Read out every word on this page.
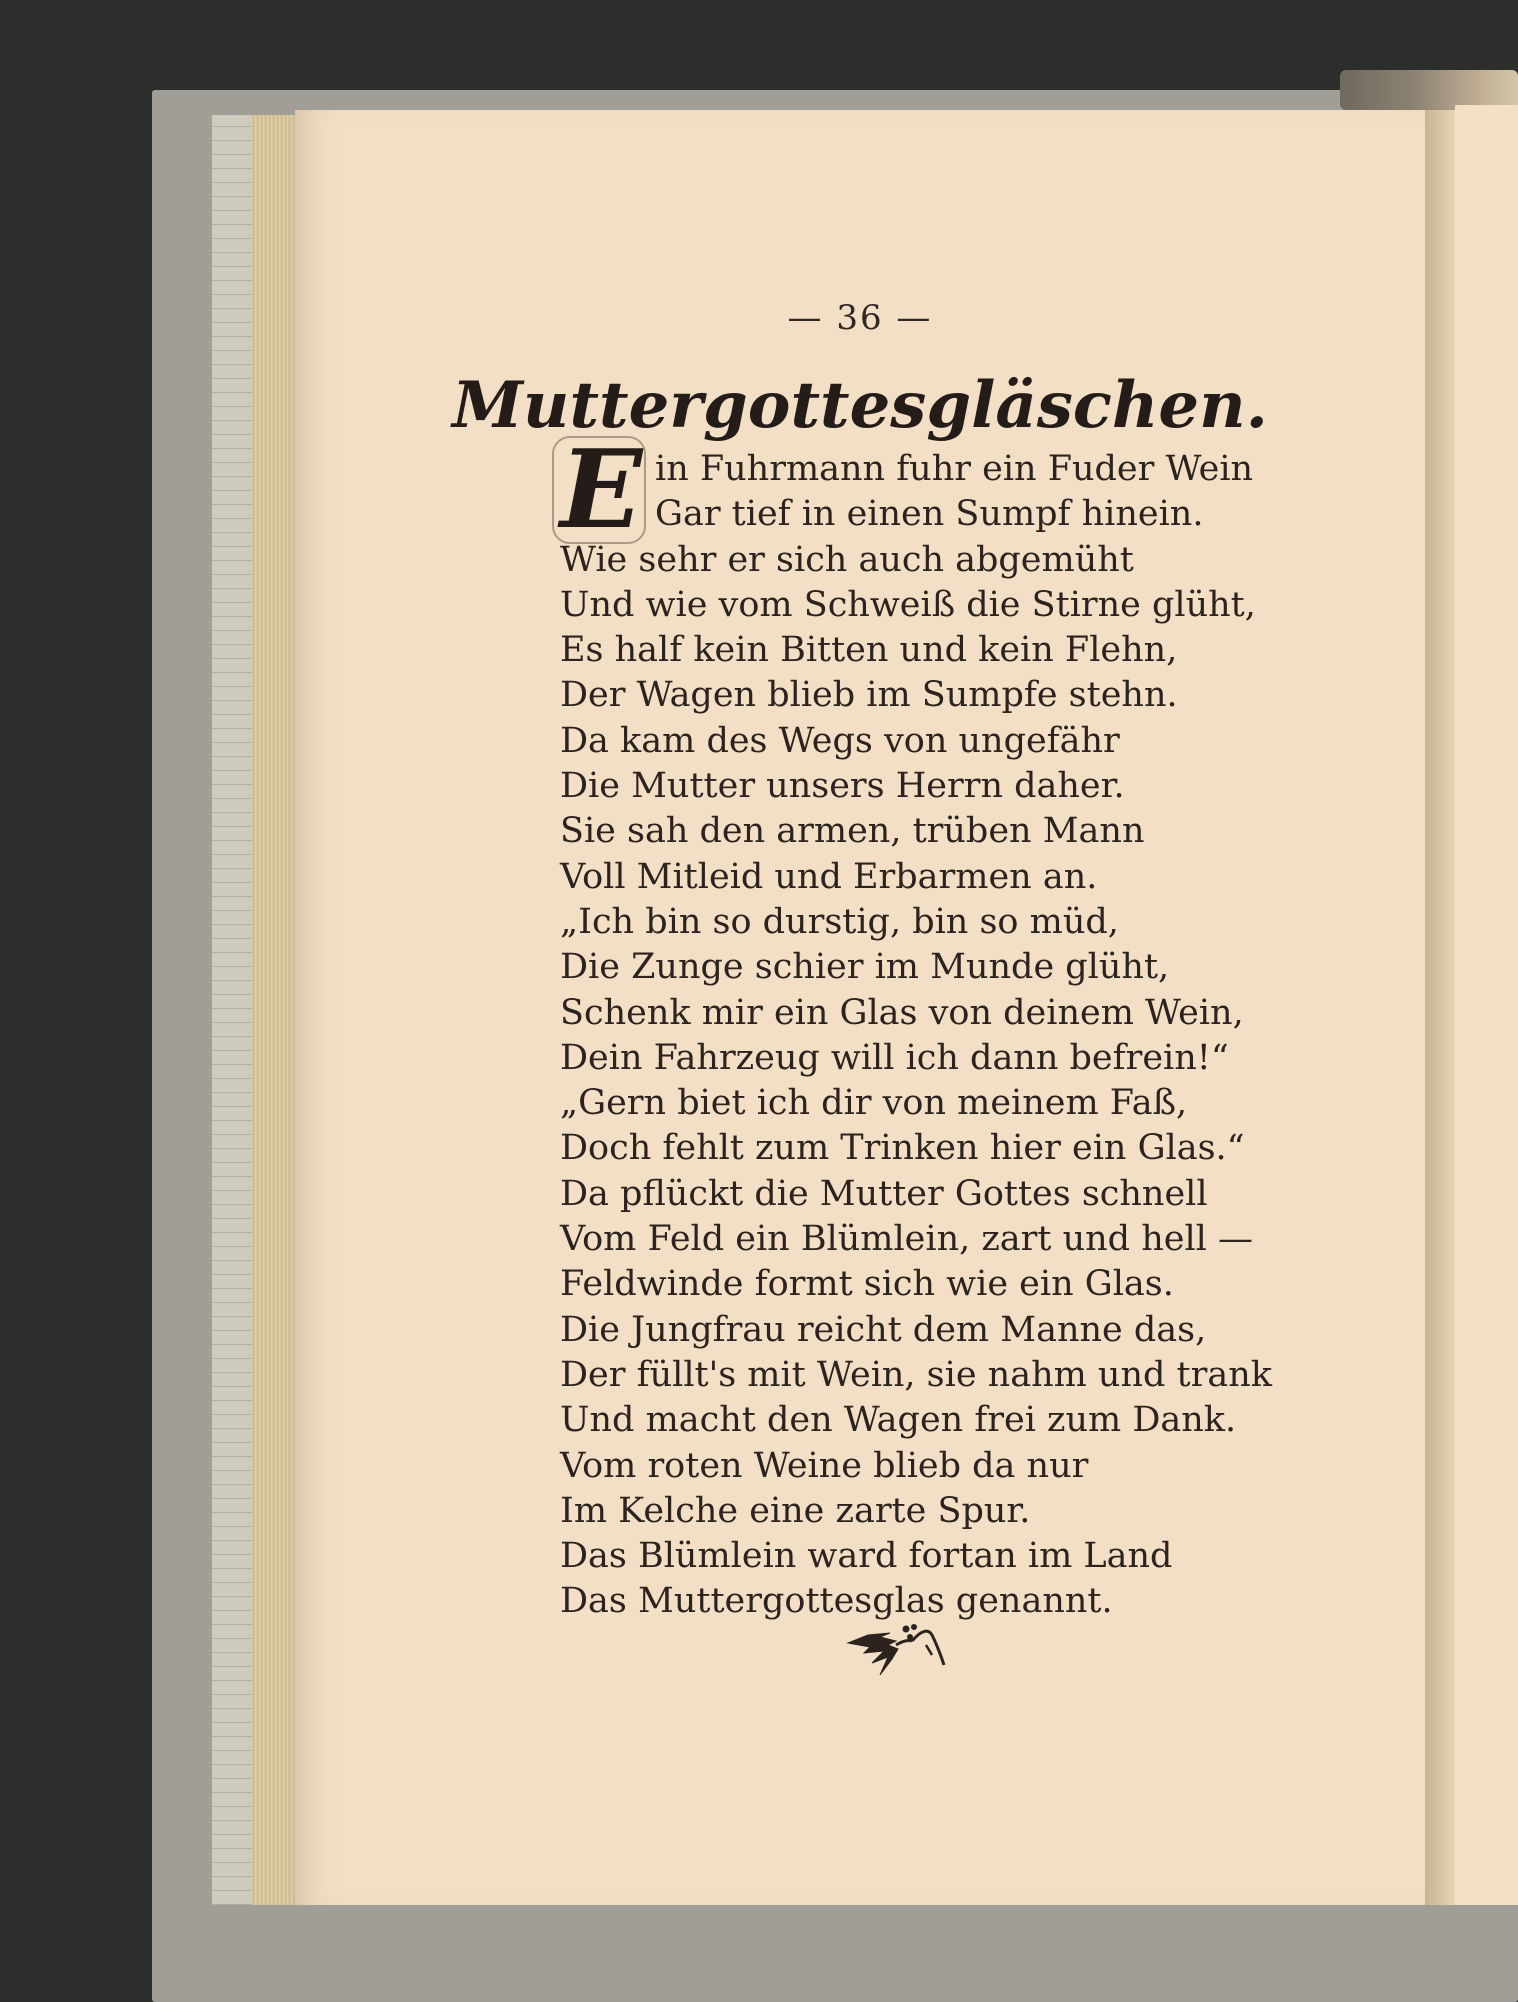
— 36 —
Muttergottesgläschen.
E in Fuhrmann fuhr ein Fuder Wein
Gar tief in einen Sumpf hinein.
Wie sehr er sich auch abgemüht
Und wie vom Schweiß die Stirne glüht,
Es half kein Bitten und kein Flehn,
Der Wagen blieb im Sumpfe stehn.
Da kam des Wegs von ungefähr
Die Mutter unsers Herrn daher.
Sie sah den armen, trüben Mann
Voll Mitleid und Erbarmen an.
„Ich bin so durstig, bin so müd,
Die Zunge schier im Munde glüht,
Schenk mir ein Glas von deinem Wein,
Dein Fahrzeug will ich dann befrein!“
„Gern biet ich dir von meinem Faß,
Doch fehlt zum Trinken hier ein Glas.“
Da pflückt die Mutter Gottes schnell
Vom Feld ein Blümlein, zart und hell —
Feldwinde formt sich wie ein Glas.
Die Jungfrau reicht dem Manne das,
Der füllt's mit Wein, sie nahm und trank
Und macht den Wagen frei zum Dank.
Vom roten Weine blieb da nur
Im Kelche eine zarte Spur.
Das Blümlein ward fortan im Land
Das Muttergottesglas genannt.
